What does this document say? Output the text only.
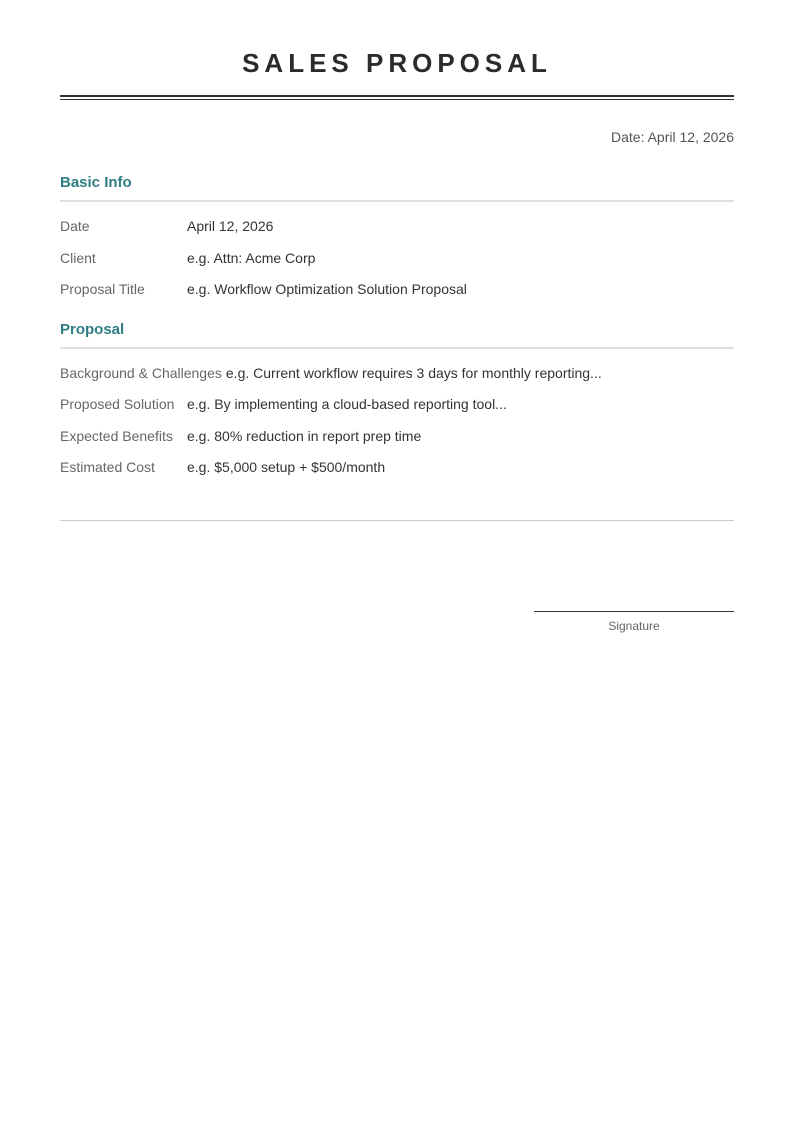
SALES PROPOSAL
Date: April 12, 2026
Basic Info
Date	April 12, 2026
Client	e.g. Attn: Acme Corp
Proposal Title	e.g. Workflow Optimization Solution Proposal
Proposal
Background & Challenges e.g. Current workflow requires 3 days for monthly reporting...
Proposed Solution e.g. By implementing a cloud-based reporting tool...
Expected Benefits	e.g. 80% reduction in report prep time
Estimated Cost	e.g. $5,000 setup + $500/month
Signature
